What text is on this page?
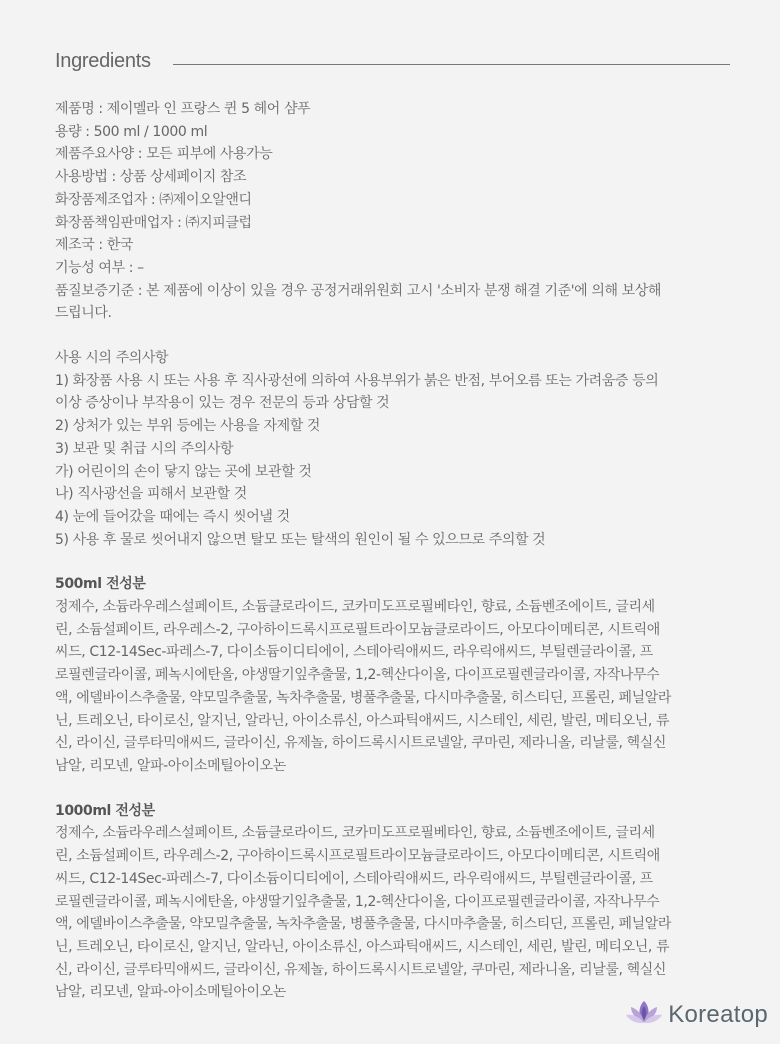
Ingredients
제품명 : 제이멜라 인 프랑스 퀸 5 헤어 샴푸
용량 : 500 ml / 1000 ml
제품주요사양 : 모든 피부에 사용가능
사용방법 : 상품 상세페이지 참조
화장품제조업자 : ㈜제이오알앤디
화장품책임판매업자 : ㈜지피클럽
제조국 : 한국
기능성 여부 : –
품질보증기준 : 본 제품에 이상이 있을 경우 공정거래위원회 고시 '소비자 분쟁 해결 기준'에 의해 보상해
드립니다.
사용 시의 주의사항
1) 화장품 사용 시 또는 사용 후 직사광선에 의하여 사용부위가 붉은 반점, 부어오름 또는 가려움증 등의
이상 증상이나 부작용이 있는 경우 전문의 등과 상담할 것
2) 상처가 있는 부위 등에는 사용을 자제할 것
3) 보관 및 취급 시의 주의사항
가) 어린이의 손이 닿지 않는 곳에 보관할 것
나) 직사광선을 피해서 보관할 것
4) 눈에 들어갔을 때에는 즉시 씻어낼 것
5) 사용 후 물로 씻어내지 않으면 탈모 또는 탈색의 원인이 될 수 있으므로 주의할 것
500ml 전성분
정제수, 소듐라우레스설페이트, 소듐클로라이드, 코카미도프로필베타인, 향료, 소듐벤조에이트, 글리세
린, 소듐설페이트, 라우레스-2, 구아하이드록시프로필트라이모늄클로라이드, 아모다이메티콘, 시트릭애
씨드, C12-14Sec-파레스-7, 다이소듐이디티에이, 스테아릭애씨드, 라우릭애씨드, 부틸렌글라이콜, 프
로필렌글라이콜, 페녹시에탄올, 야생딸기잎추출물, 1,2-헥산다이올, 다이프로필렌글라이콜, 자작나무수
액, 에델바이스추출물, 약모밀추출물, 녹차추출물, 병풀추출물, 다시마추출물, 히스티딘, 프롤린, 페닐알라
닌, 트레오닌, 타이로신, 알지닌, 알라닌, 아이소류신, 아스파틱애씨드, 시스테인, 세린, 발린, 메티오닌, 류
신, 라이신, 글루타믹애씨드, 글라이신, 유제놀, 하이드록시시트로넬알, 쿠마린, 제라니올, 리날룰, 헥실신
남알, 리모넨, 알파-아이소메틸아이오논
1000ml 전성분
정제수, 소듐라우레스설페이트, 소듐클로라이드, 코카미도프로필베타인, 향료, 소듐벤조에이트, 글리세
린, 소듐설페이트, 라우레스-2, 구아하이드록시프로필트라이모늄클로라이드, 아모다이메티콘, 시트릭애
씨드, C12-14Sec-파레스-7, 다이소듐이디티에이, 스테아릭애씨드, 라우릭애씨드, 부틸렌글라이콜, 프
로필렌글라이콜, 페녹시에탄올, 야생딸기잎추출물, 1,2-헥산다이올, 다이프로필렌글라이콜, 자작나무수
액, 에델바이스추출물, 약모밀추출물, 녹차추출물, 병풀추출물, 다시마추출물, 히스티딘, 프롤린, 페닐알라
닌, 트레오닌, 타이로신, 알지닌, 알라닌, 아이소류신, 아스파틱애씨드, 시스테인, 세린, 발린, 메티오닌, 류
신, 라이신, 글루타믹애씨드, 글라이신, 유제놀, 하이드록시시트로넬알, 쿠마린, 제라니올, 리날룰, 헥실신
남알, 리모넨, 알파-아이소메틸아이오논
Koreatop
